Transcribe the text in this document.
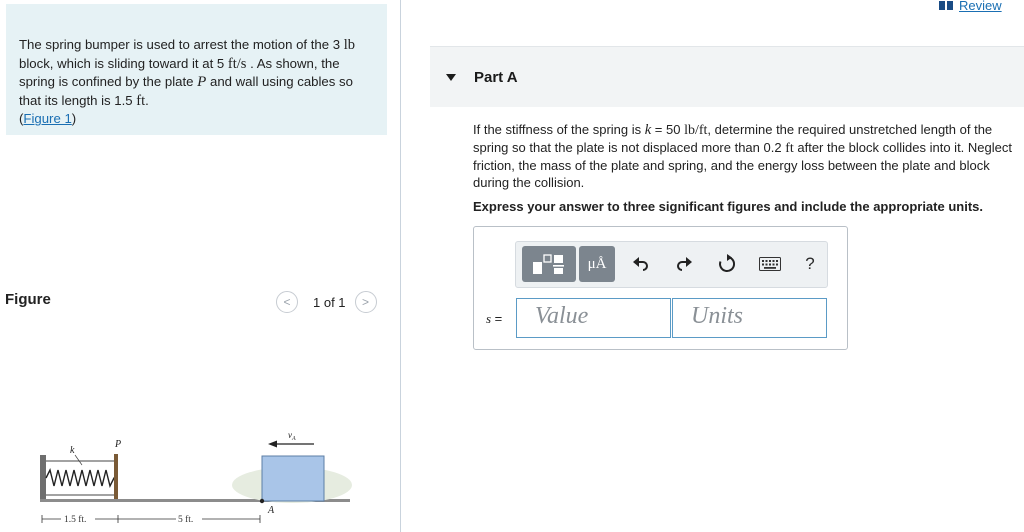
The spring bumper is used to arrest the motion of the 3 lb block, which is sliding toward it at 5 ft/s . As shown, the spring is confined by the plate P and wall using cables so that its length is 1.5 ft.
(Figure 1)
Figure	< 1 of 1 >
$v_A$
k
P
A
1.5 ft.	5 ft.
Review
Part A
If the stiffness of the spring is k = 50 lb/ft, determine the required unstretched length of the spring so that the plate is not displaced more than 0.2 ft after the block collides into it. Neglect friction, the mass of the plate and spring, and the energy loss between the plate and block during the collision.
Express your answer to three significant figures and include the appropriate units.
μÅ	?
s =	Value	Units
